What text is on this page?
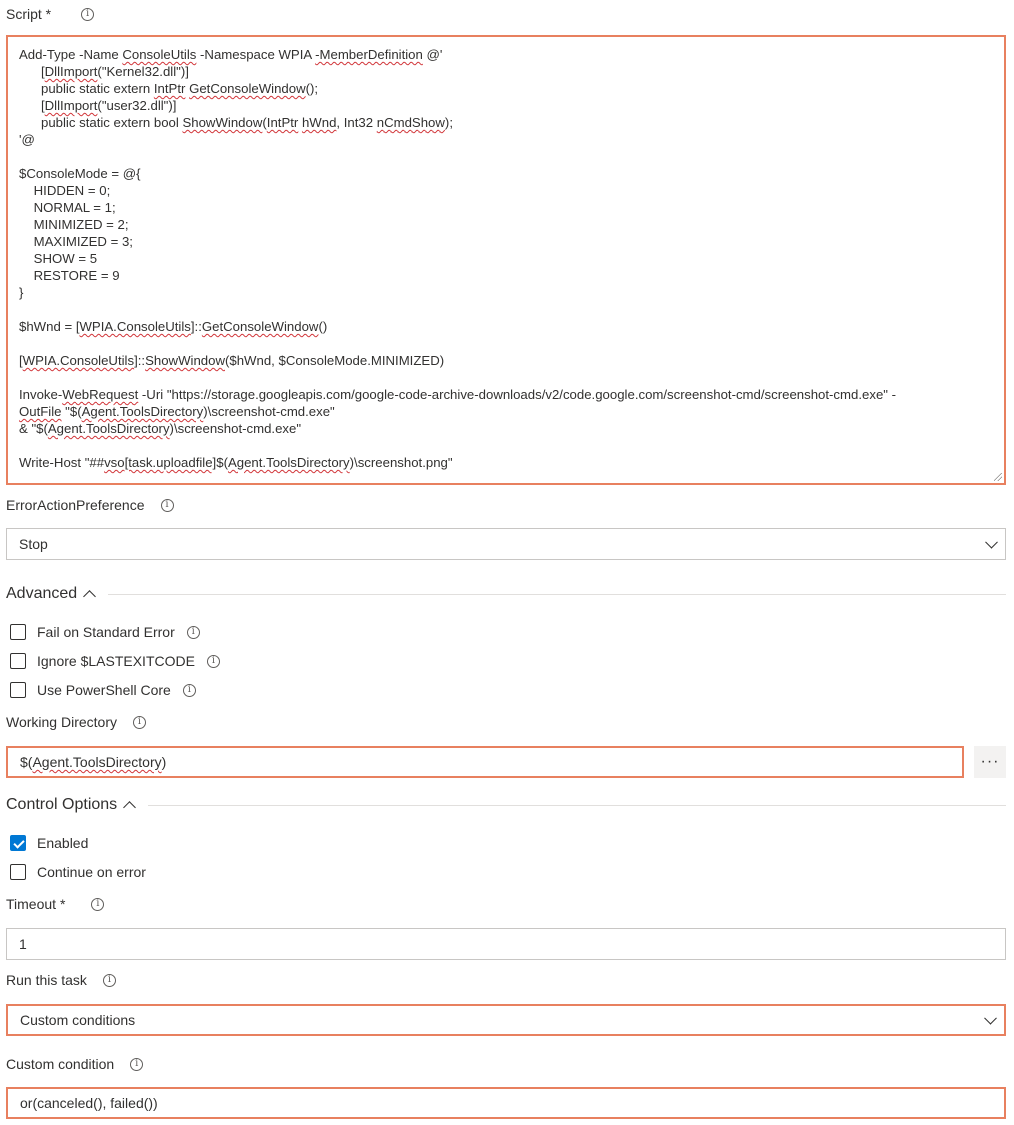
Script *	i
Add-Type -Name ConsoleUtils -Namespace WPIA -MemberDefinition @'
[DllImport("Kernel32.dll")]
public static extern IntPtr GetConsoleWindow();
[DllImport("user32.dll")]
public static extern bool ShowWindow(IntPtr hWnd, Int32 nCmdShow);
'@

$ConsoleMode = @{
HIDDEN = 0;
NORMAL = 1;
MINIMIZED = 2;
MAXIMIZED = 3;
SHOW = 5
RESTORE = 9
}

$hWnd = [WPIA.ConsoleUtils]::GetConsoleWindow()

[WPIA.ConsoleUtils]::ShowWindow($hWnd, $ConsoleMode.MINIMIZED)

Invoke-WebRequest -Uri "https://storage.googleapis.com/google-code-archive-downloads/v2/code.google.com/screenshot-cmd/screenshot-cmd.exe" -
OutFile "$(Agent.ToolsDirectory)\screenshot-cmd.exe"
& "$(Agent.ToolsDirectory)\screenshot-cmd.exe"

Write-Host "##vso[task.uploadfile]$(Agent.ToolsDirectory)\screenshot.png"
ErrorActionPreference	i
Stop
Advanced
Fail on Standard Error	i
Ignore $LASTEXITCODE	i
Use PowerShell Core	i
Working Directory	i
$(Agent.ToolsDirectory)	···
Control Options
Enabled
Continue on error
Timeout *	i
1
Run this task	i
Custom conditions
Custom condition	i
or(canceled(), failed())
